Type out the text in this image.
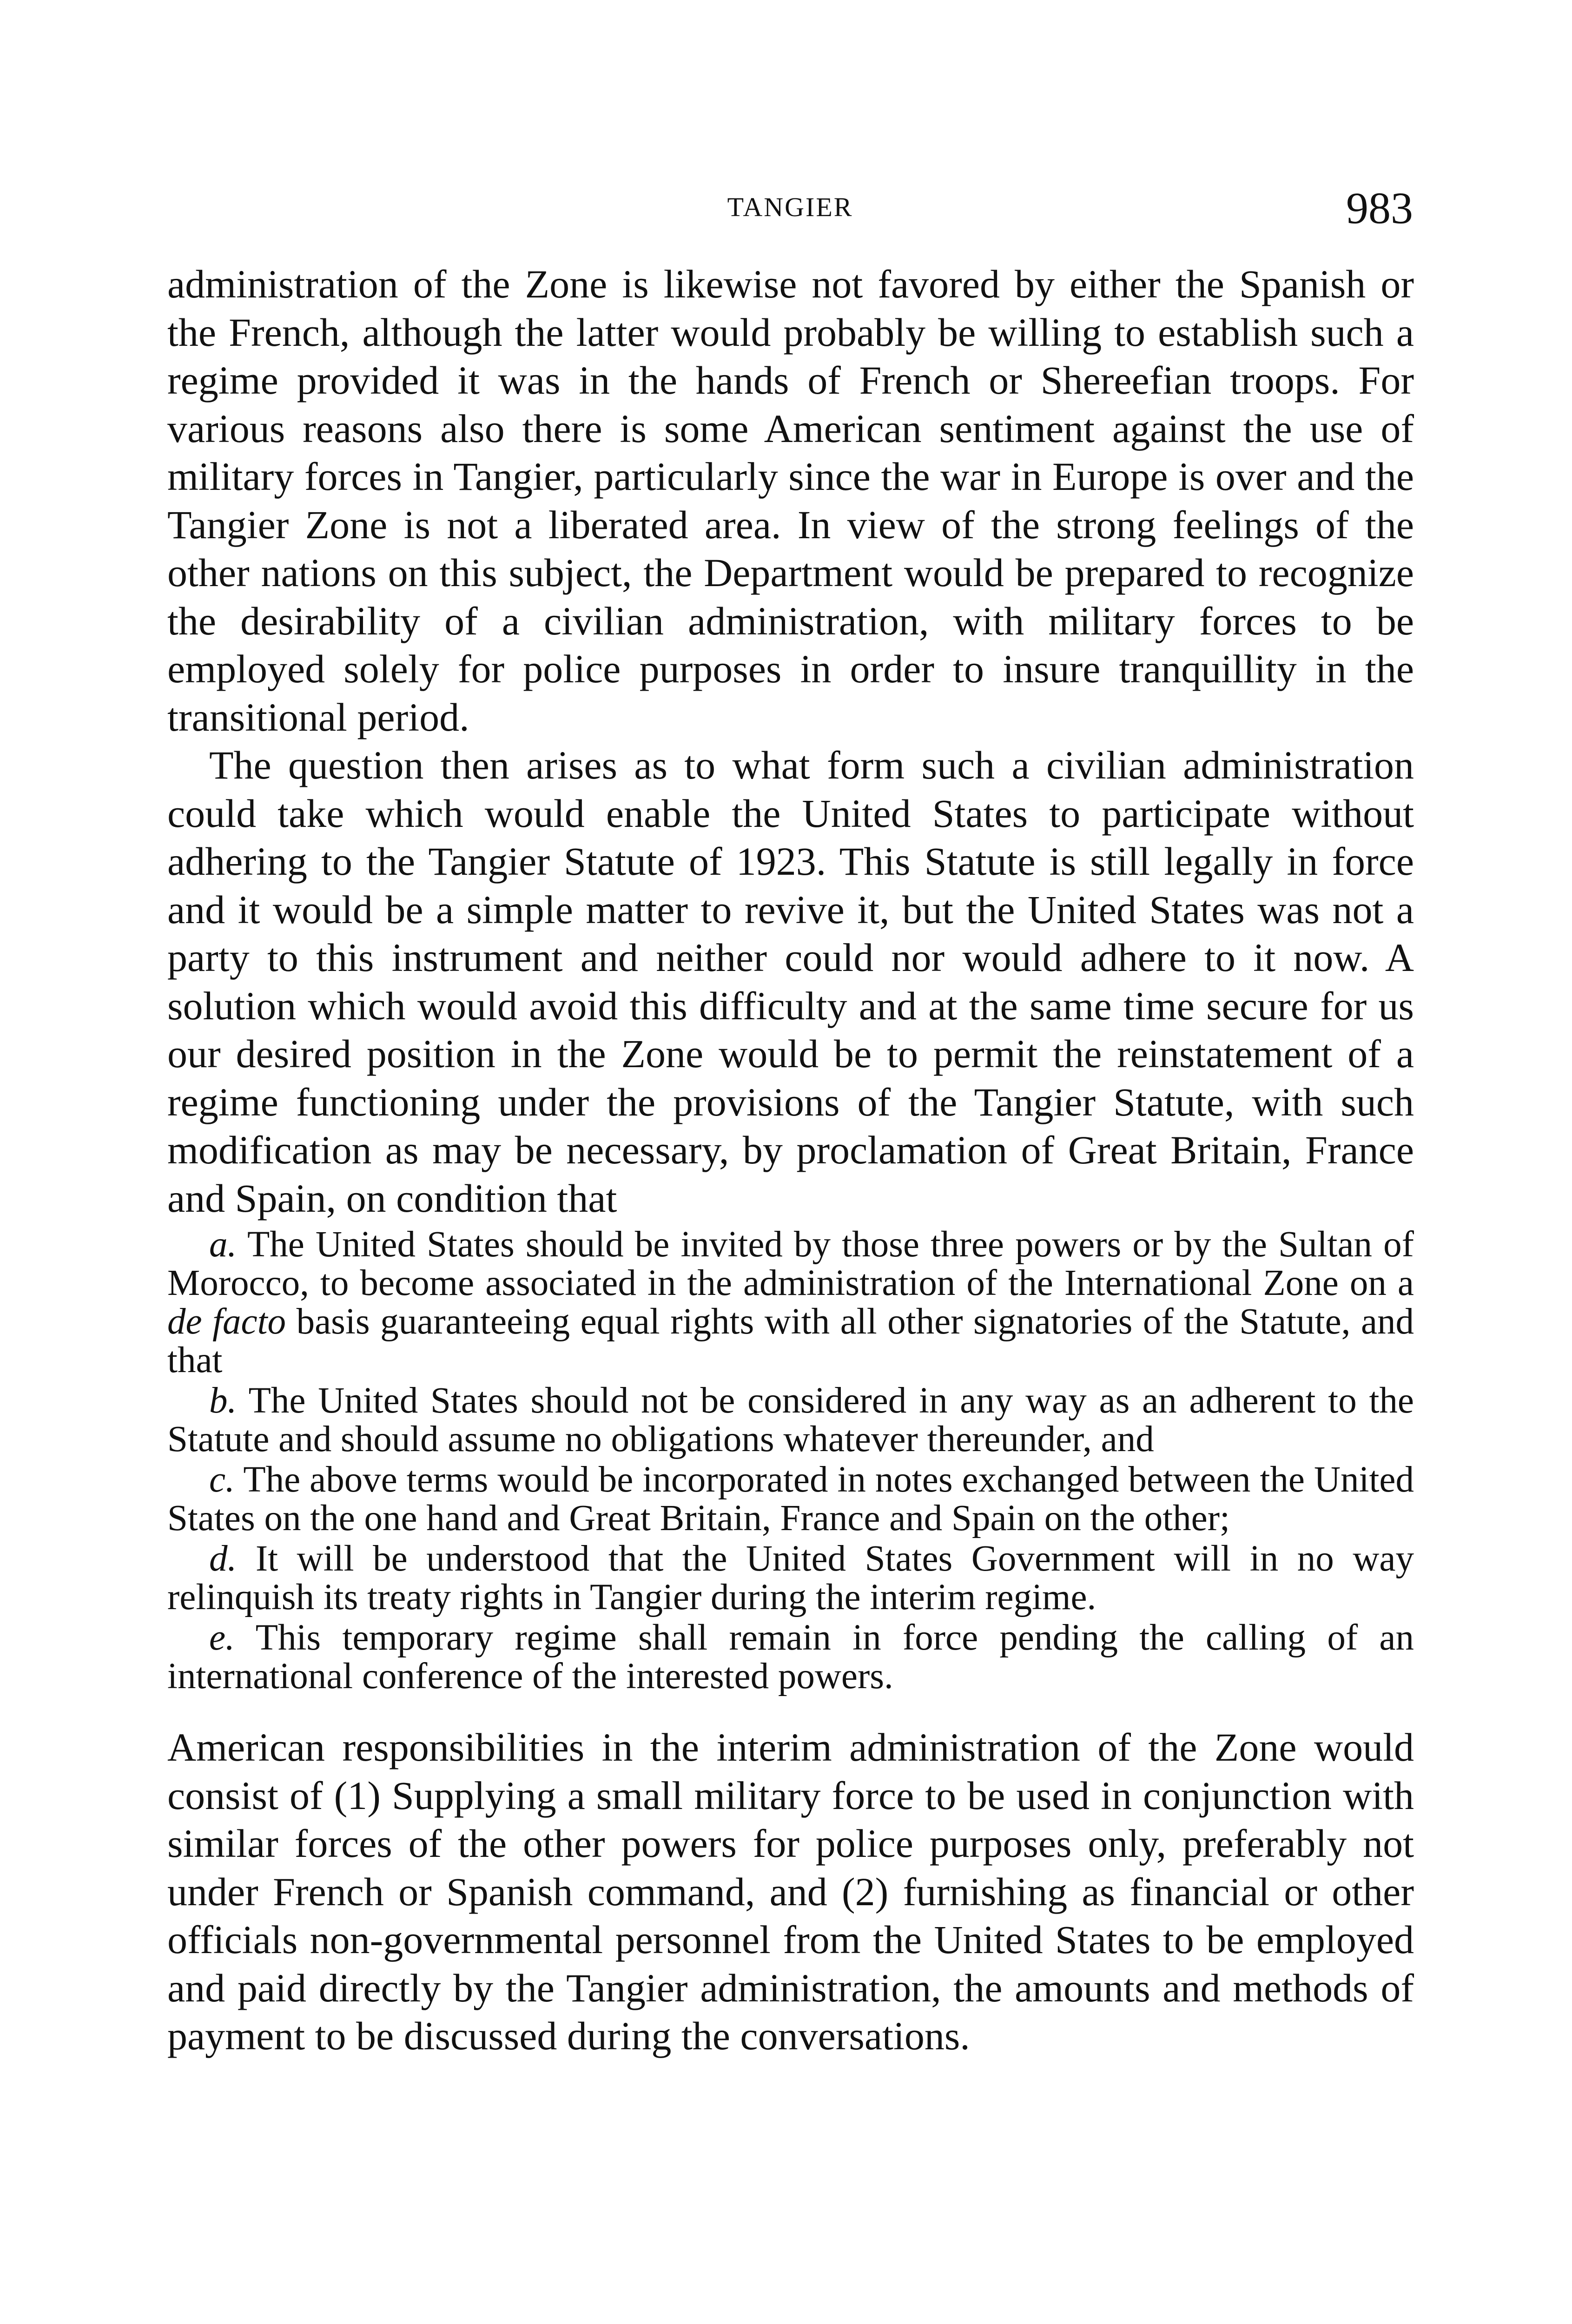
TANGIER	983

administration of the Zone is likewise not favored by either the Spanish or the French, although the latter would probably be willing to establish such a regime provided it was in the hands of French or Shereefian troops. For various reasons also there is some American sentiment against the use of military forces in Tangier, particularly since the war in Europe is over and the Tangier Zone is not a liberated area. In view of the strong feelings of the other nations on this subject, the Department would be prepared to recognize the desirability of a civilian administration, with military forces to be employed solely for police purposes in order to insure tranquillity in the transitional period.

The question then arises as to what form such a civilian administration could take which would enable the United States to participate without adhering to the Tangier Statute of 1923. This Statute is still legally in force and it would be a simple matter to revive it, but the United States was not a party to this instrument and neither could nor would adhere to it now. A solution which would avoid this difficulty and at the same time secure for us our desired position in the Zone would be to permit the reinstatement of a regime functioning under the provisions of the Tangier Statute, with such modification as may be necessary, by proclamation of Great Britain, France and Spain, on condition that

a. The United States should be invited by those three powers or by the Sultan of Morocco, to become associated in the administration of the International Zone on a de facto basis guaranteeing equal rights with all other signatories of the Statute, and that

b. The United States should not be considered in any way as an adherent to the Statute and should assume no obligations whatever thereunder, and

c. The above terms would be incorporated in notes exchanged between the United States on the one hand and Great Britain, France and Spain on the other;

d. It will be understood that the United States Government will in no way relinquish its treaty rights in Tangier during the interim regime.

e. This temporary regime shall remain in force pending the calling of an international conference of the interested powers.

American responsibilities in the interim administration of the Zone would consist of (1) Supplying a small military force to be used in conjunction with similar forces of the other powers for police purposes only, preferably not under French or Spanish command, and (2) furnishing as financial or other officials non-governmental personnel from the United States to be employed and paid directly by the Tangier administration, the amounts and methods of payment to be discussed during the conversations.
